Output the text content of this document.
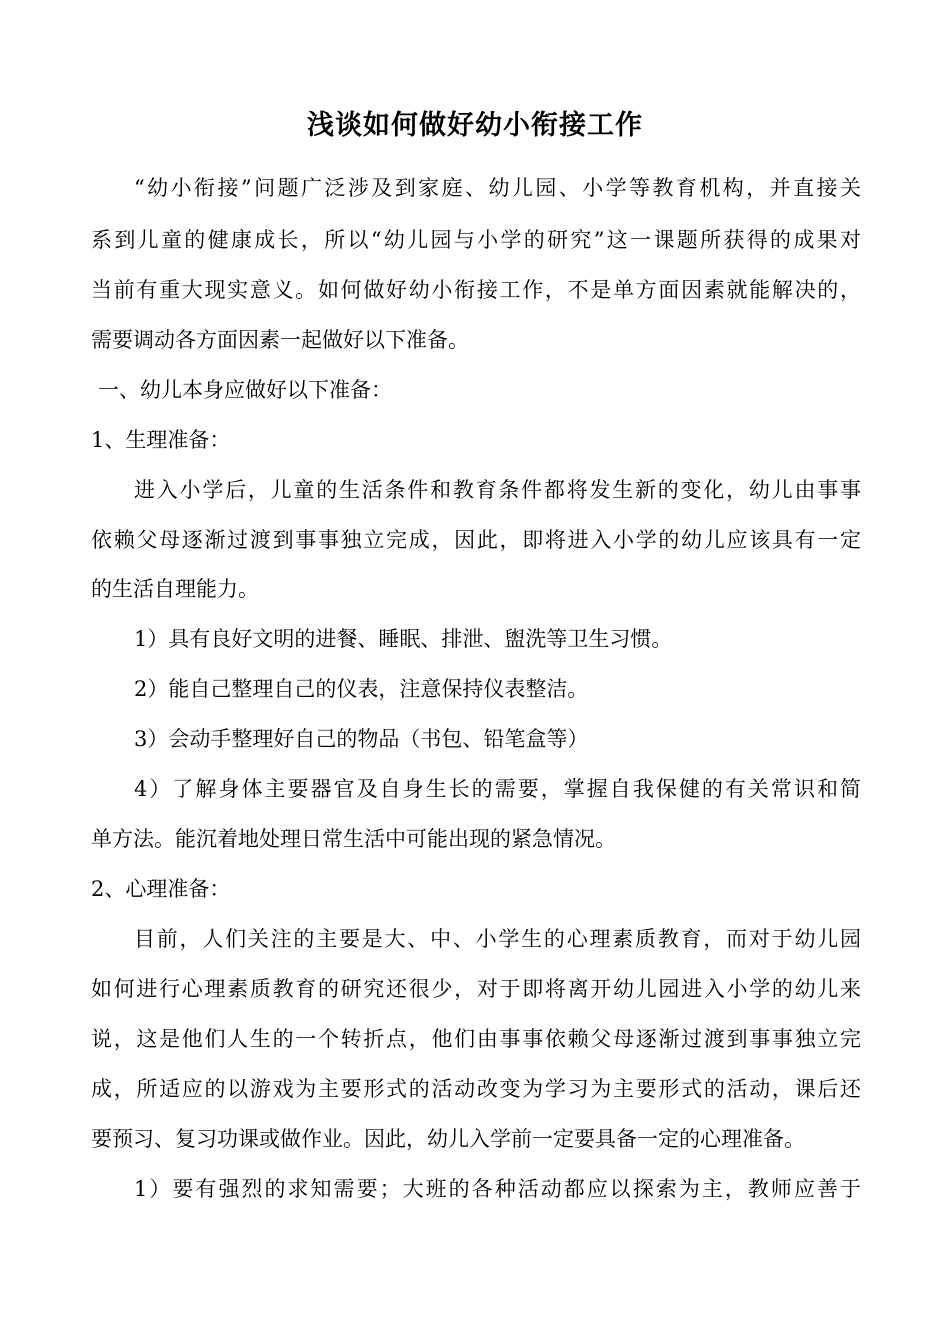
浅谈如何做好幼小衔接工作
“幼小衔接”问题广泛涉及到家庭、幼儿园、小学等教育机构，并直接关
系到儿童的健康成长，所以“幼儿园与小学的研究”这一课题所获得的成果对
当前有重大现实意义。如何做好幼小衔接工作，不是单方面因素就能解决的，
需要调动各方面因素一起做好以下准备。
一、幼儿本身应做好以下准备：
1、生理准备：
进入小学后，儿童的生活条件和教育条件都将发生新的变化，幼儿由事事
依赖父母逐渐过渡到事事独立完成，因此，即将进入小学的幼儿应该具有一定
的生活自理能力。
1）具有良好文明的进餐、睡眠、排泄、盥洗等卫生习惯。
2）能自己整理自己的仪表，注意保持仪表整洁。
3）会动手整理好自己的物品（书包、铅笔盒等）
4）了解身体主要器官及自身生长的需要，掌握自我保健的有关常识和简
单方法。能沉着地处理日常生活中可能出现的紧急情况。
2、心理准备：
目前，人们关注的主要是大、中、小学生的心理素质教育，而对于幼儿园
如何进行心理素质教育的研究还很少，对于即将离开幼儿园进入小学的幼儿来
说，这是他们人生的一个转折点，他们由事事依赖父母逐渐过渡到事事独立完
成，所适应的以游戏为主要形式的活动改变为学习为主要形式的活动，课后还
要预习、复习功课或做作业。因此，幼儿入学前一定要具备一定的心理准备。
1）要有强烈的求知需要；大班的各种活动都应以探索为主，教师应善于
